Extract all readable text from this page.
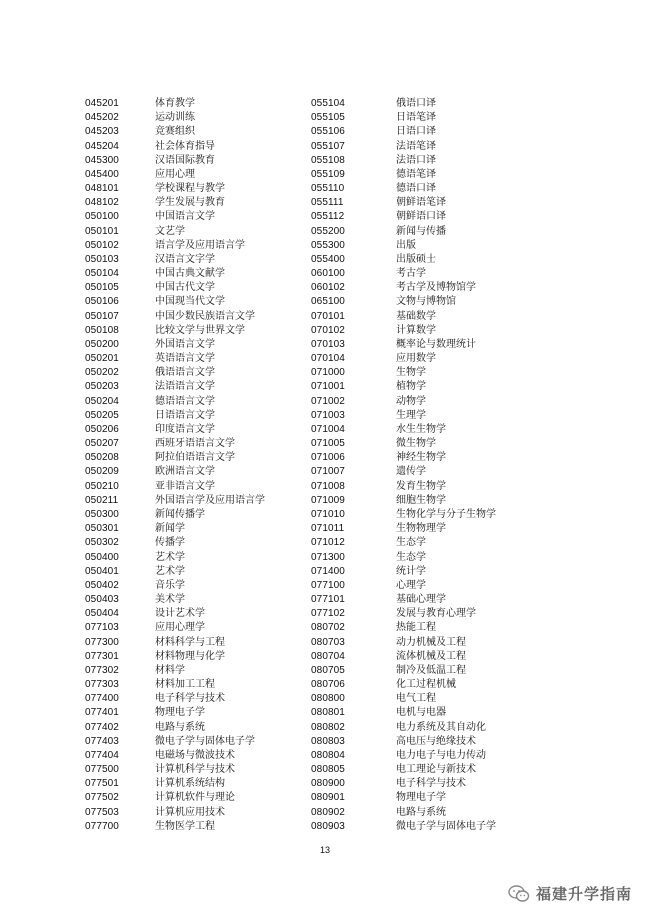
045201	体育教学
045202	运动训练
045203	竞赛组织
045204	社会体育指导
045300	汉语国际教育
045400	应用心理
048101	学校课程与教学
048102	学生发展与教育
050100	中国语言文学
050101	文艺学
050102	语言学及应用语言学
050103	汉语言文字学
050104	中国古典文献学
050105	中国古代文学
050106	中国现当代文学
050107	中国少数民族语言文学
050108	比较文学与世界文学
050200	外国语言文学
050201	英语语言文学
050202	俄语语言文学
050203	法语语言文学
050204	德语语言文学
050205	日语语言文学
050206	印度语言文学
050207	西班牙语语言文学
050208	阿拉伯语语言文学
050209	欧洲语言文学
050210	亚非语言文学
050211	外国语言学及应用语言学
050300	新闻传播学
050301	新闻学
050302	传播学
050400	艺术学
050401	艺术学
050402	音乐学
050403	美术学
050404	设计艺术学
077103	应用心理学
077300	材料科学与工程
077301	材料物理与化学
077302	材料学
077303	材料加工工程
077400	电子科学与技术
077401	物理电子学
077402	电路与系统
077403	微电子学与固体电子学
077404	电磁场与微波技术
077500	计算机科学与技术
077501	计算机系统结构
077502	计算机软件与理论
077503	计算机应用技术
077700	生物医学工程
055104	俄语口译
055105	日语笔译
055106	日语口译
055107	法语笔译
055108	法语口译
055109	德语笔译
055110	德语口译
055111	朝鲜语笔译
055112	朝鲜语口译
055200	新闻与传播
055300	出版
055400	出版硕士
060100	考古学
060102	考古学及博物馆学
065100	文物与博物馆
070101	基础数学
070102	计算数学
070103	概率论与数理统计
070104	应用数学
071000	生物学
071001	植物学
071002	动物学
071003	生理学
071004	水生生物学
071005	微生物学
071006	神经生物学
071007	遗传学
071008	发育生物学
071009	细胞生物学
071010	生物化学与分子生物学
071011	生物物理学
071012	生态学
071300	生态学
071400	统计学
077100	心理学
077101	基础心理学
077102	发展与教育心理学
080702	热能工程
080703	动力机械及工程
080704	流体机械及工程
080705	制冷及低温工程
080706	化工过程机械
080800	电气工程
080801	电机与电器
080802	电力系统及其自动化
080803	高电压与绝缘技术
080804	电力电子与电力传动
080805	电工理论与新技术
080900	电子科学与技术
080901	物理电子学
080902	电路与系统
080903	微电子学与固体电子学
13
福建升学指南
